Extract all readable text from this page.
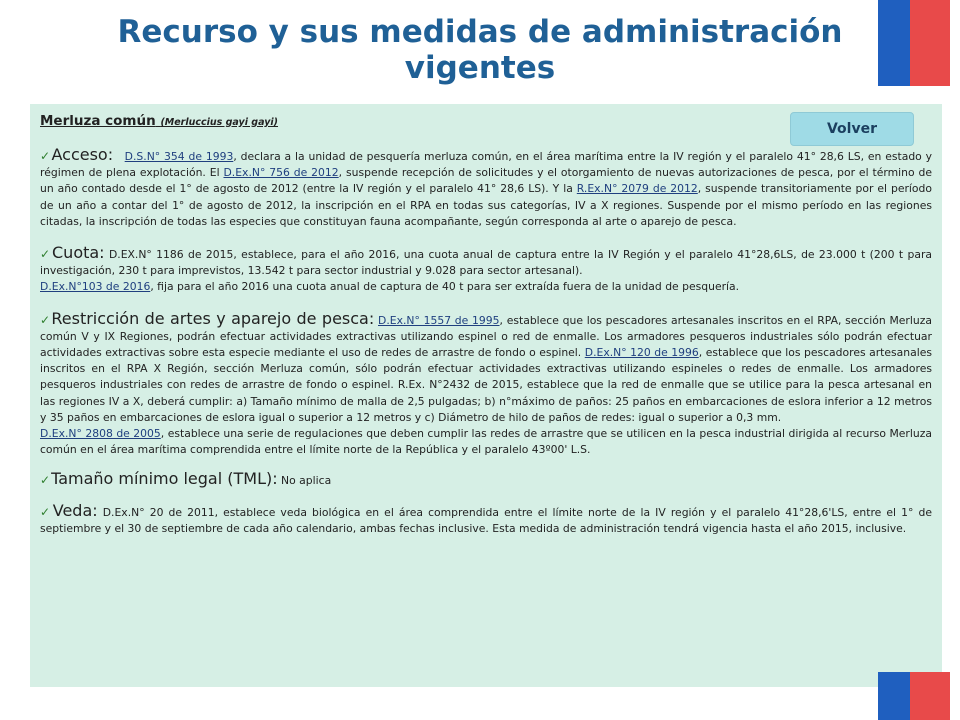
Recurso y sus medidas de administración vigentes
Merluza común (Merluccius gayi gayi)

✓Acceso: D.S.N° 354 de 1993, declara a la unidad de pesquería merluza común, en el área marítima entre la IV región y el paralelo 41° 28,6 LS, en estado y régimen de plena explotación. El D.Ex.N° 756 de 2012, suspende recepción de solicitudes y el otorgamiento de nuevas autorizaciones de pesca, por el término de un año contado desde el 1° de agosto de 2012 (entre la IV región y el paralelo 41° 28,6 LS). Y la R.Ex.N° 2079 de 2012, suspende transitoriamente por el período de un año a contar del 1° de agosto de 2012, la inscripción en el RPA en todas sus categorías, IV a X regiones. Suspende por el mismo período en las regiones citadas, la inscripción de todas las especies que constituyan fauna acompañante, según corresponda al arte o aparejo de pesca.

✓Cuota: D.EX.N° 1186 de 2015, establece, para el año 2016, una cuota anual de captura entre la IV Región y el paralelo 41°28,6LS, de 23.000 t (200 t para investigación, 230 t para imprevistos, 13.542 t para sector industrial y 9.028 para sector artesanal).

D.Ex.N°103 de 2016, fija para el año 2016 una cuota anual de captura de 40 t para ser extraída fuera de la unidad de pesquería.

✓Restricción de artes y aparejo de pesca: D.Ex.N° 1557 de 1995, establece que los pescadores artesanales inscritos en el RPA, sección Merluza común V y IX Regiones, podrán efectuar actividades extractivas utilizando espinel o red de enmalle. Los armadores pesqueros industriales sólo podrán efectuar actividades extractivas sobre esta especie mediante el uso de redes de arrastre de fondo o espinel. D.Ex.N° 120 de 1996, establece que los pescadores artesanales inscritos en el RPA X Región, sección Merluza común, sólo podrán efectuar actividades extractivas utilizando espineles o redes de enmalle. Los armadores pesqueros industriales con redes de arrastre de fondo o espinel. R.Ex. N°2432 de 2015, establece que la red de enmalle que se utilice para la pesca artesanal en las regiones IV a X, deberá cumplir: a) Tamaño mínimo de malla de 2,5 pulgadas; b) n°máximo de paños: 25 paños en embarcaciones de eslora inferior a 12 metros y 35 paños en embarcaciones de eslora igual o superior a 12 metros y c) Diámetro de hilo de paños de redes: igual o superior a 0,3 mm.

D.Ex.N° 2808 de 2005, establece una serie de regulaciones que deben cumplir las redes de arrastre que se utilicen en la pesca industrial dirigida al recurso Merluza común en el área marítima comprendida entre el límite norte de la República y el paralelo 43º00' L.S.

✓Tamaño mínimo legal (TML): No aplica

✓Veda: D.Ex.N° 20 de 2011, establece veda biológica en el área comprendida entre el límite norte de la IV región y el paralelo 41°28,6'LS, entre el 1° de septiembre y el 30 de septiembre de cada año calendario, ambas fechas inclusive. Esta medida de administración tendrá vigencia hasta el año 2015, inclusive.

Volver
